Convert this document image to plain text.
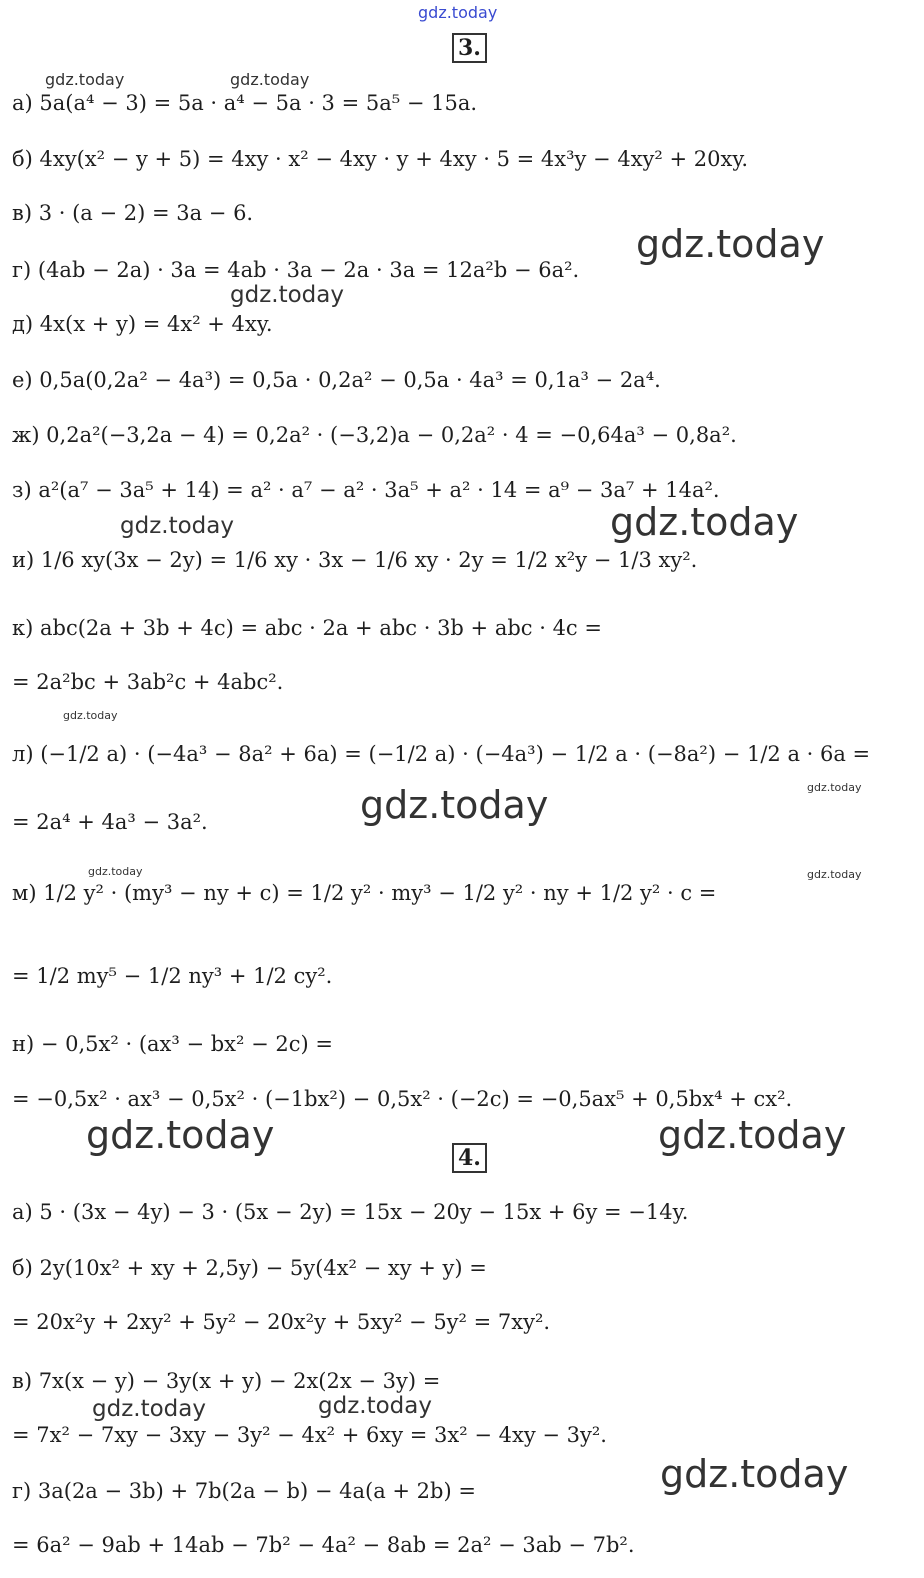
gdz.today
3.
а) 5a(a⁴ − 3) = 5a · a⁴ − 5a · 3 = 5a⁵ − 15a.
б) 4xy(x² − y + 5) = 4xy · x² − 4xy · y + 4xy · 5 = 4x³y − 4xy² + 20xy.
в) 3 · (a − 2) = 3a − 6.
г) (4ab − 2a) · 3a = 4ab · 3a − 2a · 3a = 12a²b − 6a².
д) 4x(x + y) = 4x² + 4xy.
е) 0,5a(0,2a² − 4a³) = 0,5a · 0,2a² − 0,5a · 4a³ = 0,1a³ − 2a⁴.
ж) 0,2a²(−3,2a − 4) = 0,2a² · (−3,2)a − 0,2a² · 4 = −0,64a³ − 0,8a².
з) a²(a⁷ − 3a⁵ + 14) = a² · a⁷ − a² · 3a⁵ + a² · 14 = a⁹ − 3a⁷ + 14a².
и) 1/6 xy(3x − 2y) = 1/6 xy · 3x − 1/6 xy · 2y = 1/2 x²y − 1/3 xy².
к) abc(2a + 3b + 4c) = abc · 2a + abc · 3b + abc · 4c =
= 2a²bc + 3ab²c + 4abc².
л) (−1/2 a) · (−4a³ − 8a² + 6a) = (−1/2 a) · (−4a³) − 1/2 a · (−8a²) − 1/2 a · 6a =
= 2a⁴ + 4a³ − 3a².
м) 1/2 y² · (my³ − ny + c) = 1/2 y² · my³ − 1/2 y² · ny + 1/2 y² · c =
= 1/2 my⁵ − 1/2 ny³ + 1/2 cy².
н) − 0,5x² · (ax³ − bx² − 2c) =
= −0,5x² · ax³ − 0,5x² · (−1bx²) − 0,5x² · (−2c) = −0,5ax⁵ + 0,5bx⁴ + cx².
4.
а) 5 · (3x − 4y) − 3 · (5x − 2y) = 15x − 20y − 15x + 6y = −14y.
б) 2y(10x² + xy + 2,5y) − 5y(4x² − xy + y) =
= 20x²y + 2xy² + 5y² − 20x²y + 5xy² − 5y² = 7xy².
в) 7x(x − y) − 3y(x + y) − 2x(2x − 3y) =
= 7x² − 7xy − 3xy − 3y² − 4x² + 6xy = 3x² − 4xy − 3y².
г) 3a(2a − 3b) + 7b(2a − b) − 4a(a + 2b) =
= 6a² − 9ab + 14ab − 7b² − 4a² − 8ab = 2a² − 3ab − 7b².
gdz.today	gdz.today
gdz.today
gdz.today
gdz.today	gdz.today
gdz.today
gdz.today
gdz.today
gdz.today	gdz.today
gdz.today	gdz.today
gdz.today	gdz.today
gdz.today
